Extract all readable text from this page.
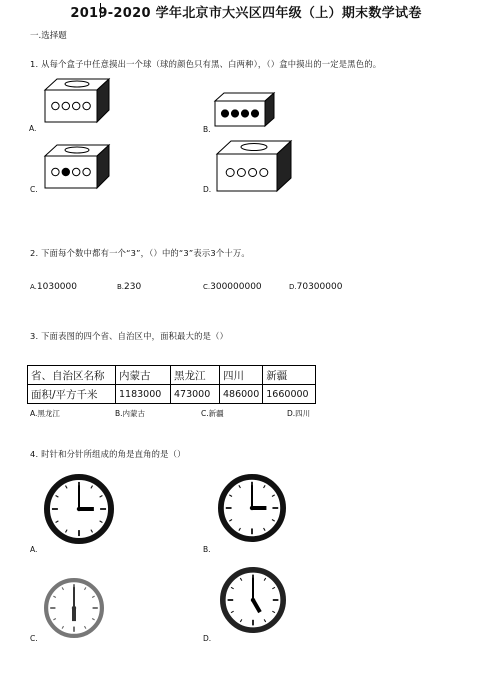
2019-2020 学年北京市大兴区四年级（上）期末数学试卷
一.选择题
1. 从每个盒子中任意摸出一个球（球的颜色只有黑、白两种），（）盒中摸出的一定是黑色的。
A.	B.
C.	D.
2. 下面每个数中都有一个“3”，（）中的“3”表示3个十万。
A.1030000	B.230	C.300000000	D.70300000
3. 下面表图的四个省、自治区中，面积最大的是（）
省、自治区名称	内蒙古	黑龙江	四川	新疆
面积/平方千米	1183000	473000	486000	1660000
A.黑龙江	B.内蒙古	C.新疆	D.四川
4. 时针和分针所组成的角是直角的是（）
A.	B.
C.	D.
